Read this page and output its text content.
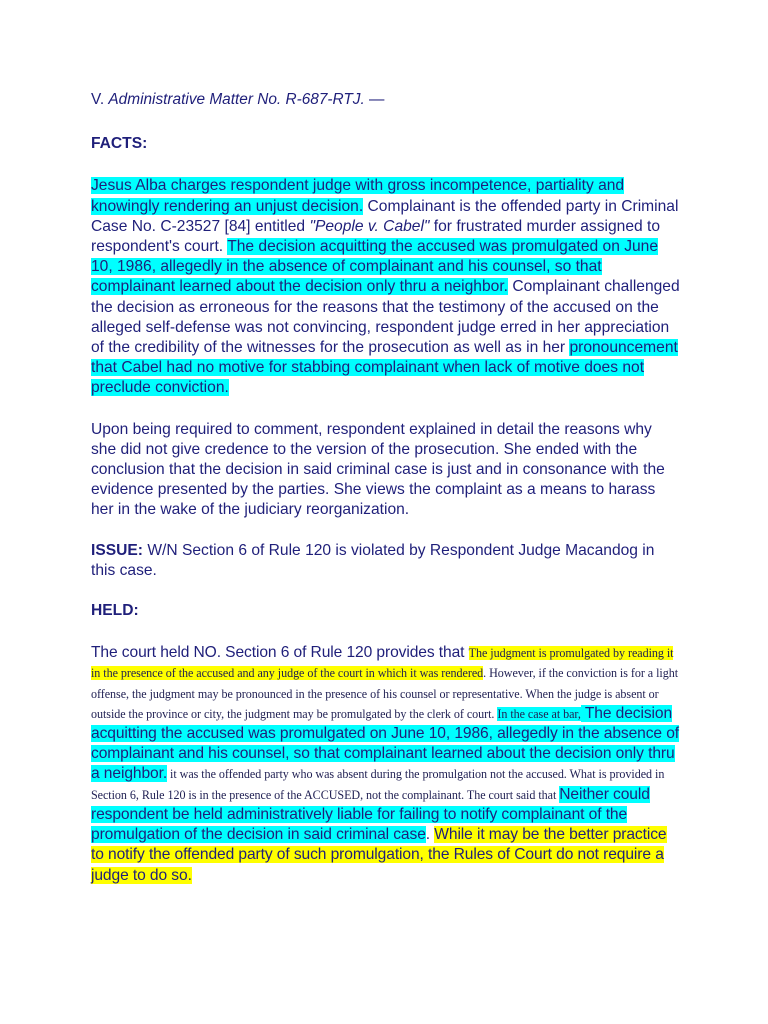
V. Administrative Matter No. R-687-RTJ. —

FACTS:

Jesus Alba charges respondent judge with gross incompetence, partiality and knowingly rendering an unjust decision. Complainant is the offended party in Criminal Case No. C-23527 [84] entitled "People v. Cabel" for frustrated murder assigned to respondent's court. The decision acquitting the accused was promulgated on June 10, 1986, allegedly in the absence of complainant and his counsel, so that complainant learned about the decision only thru a neighbor. Complainant challenged the decision as erroneous for the reasons that the testimony of the accused on the alleged self-defense was not convincing, respondent judge erred in her appreciation of the credibility of the witnesses for the prosecution as well as in her pronouncement that Cabel had no motive for stabbing complainant when lack of motive does not preclude conviction.

Upon being required to comment, respondent explained in detail the reasons why she did not give credence to the version of the prosecution. She ended with the conclusion that the decision in said criminal case is just and in consonance with the evidence presented by the parties. She views the complaint as a means to harass her in the wake of the judiciary reorganization.

ISSUE: W/N Section 6 of Rule 120 is violated by Respondent Judge Macandog in this case.

HELD:

The court held NO. Section 6 of Rule 120 provides that The judgment is promulgated by reading it in the presence of the accused and any judge of the court in which it was rendered. However, if the conviction is for a light offense, the judgment may be pronounced in the presence of his counsel or representative. When the judge is absent or outside the province or city, the judgment may be promulgated by the clerk of court. In the case at bar, The decision acquitting the accused was promulgated on June 10, 1986, allegedly in the absence of complainant and his counsel, so that complainant learned about the decision only thru a neighbor. it was the offended party who was absent during the promulgation not the accused. What is provided in Section 6, Rule 120 is in the presence of the ACCUSED, not the complainant. The court said that Neither could respondent be held administratively liable for failing to notify complainant of the promulgation of the decision in said criminal case. While it may be the better practice to notify the offended party of such promulgation, the Rules of Court do not require a judge to do so.
